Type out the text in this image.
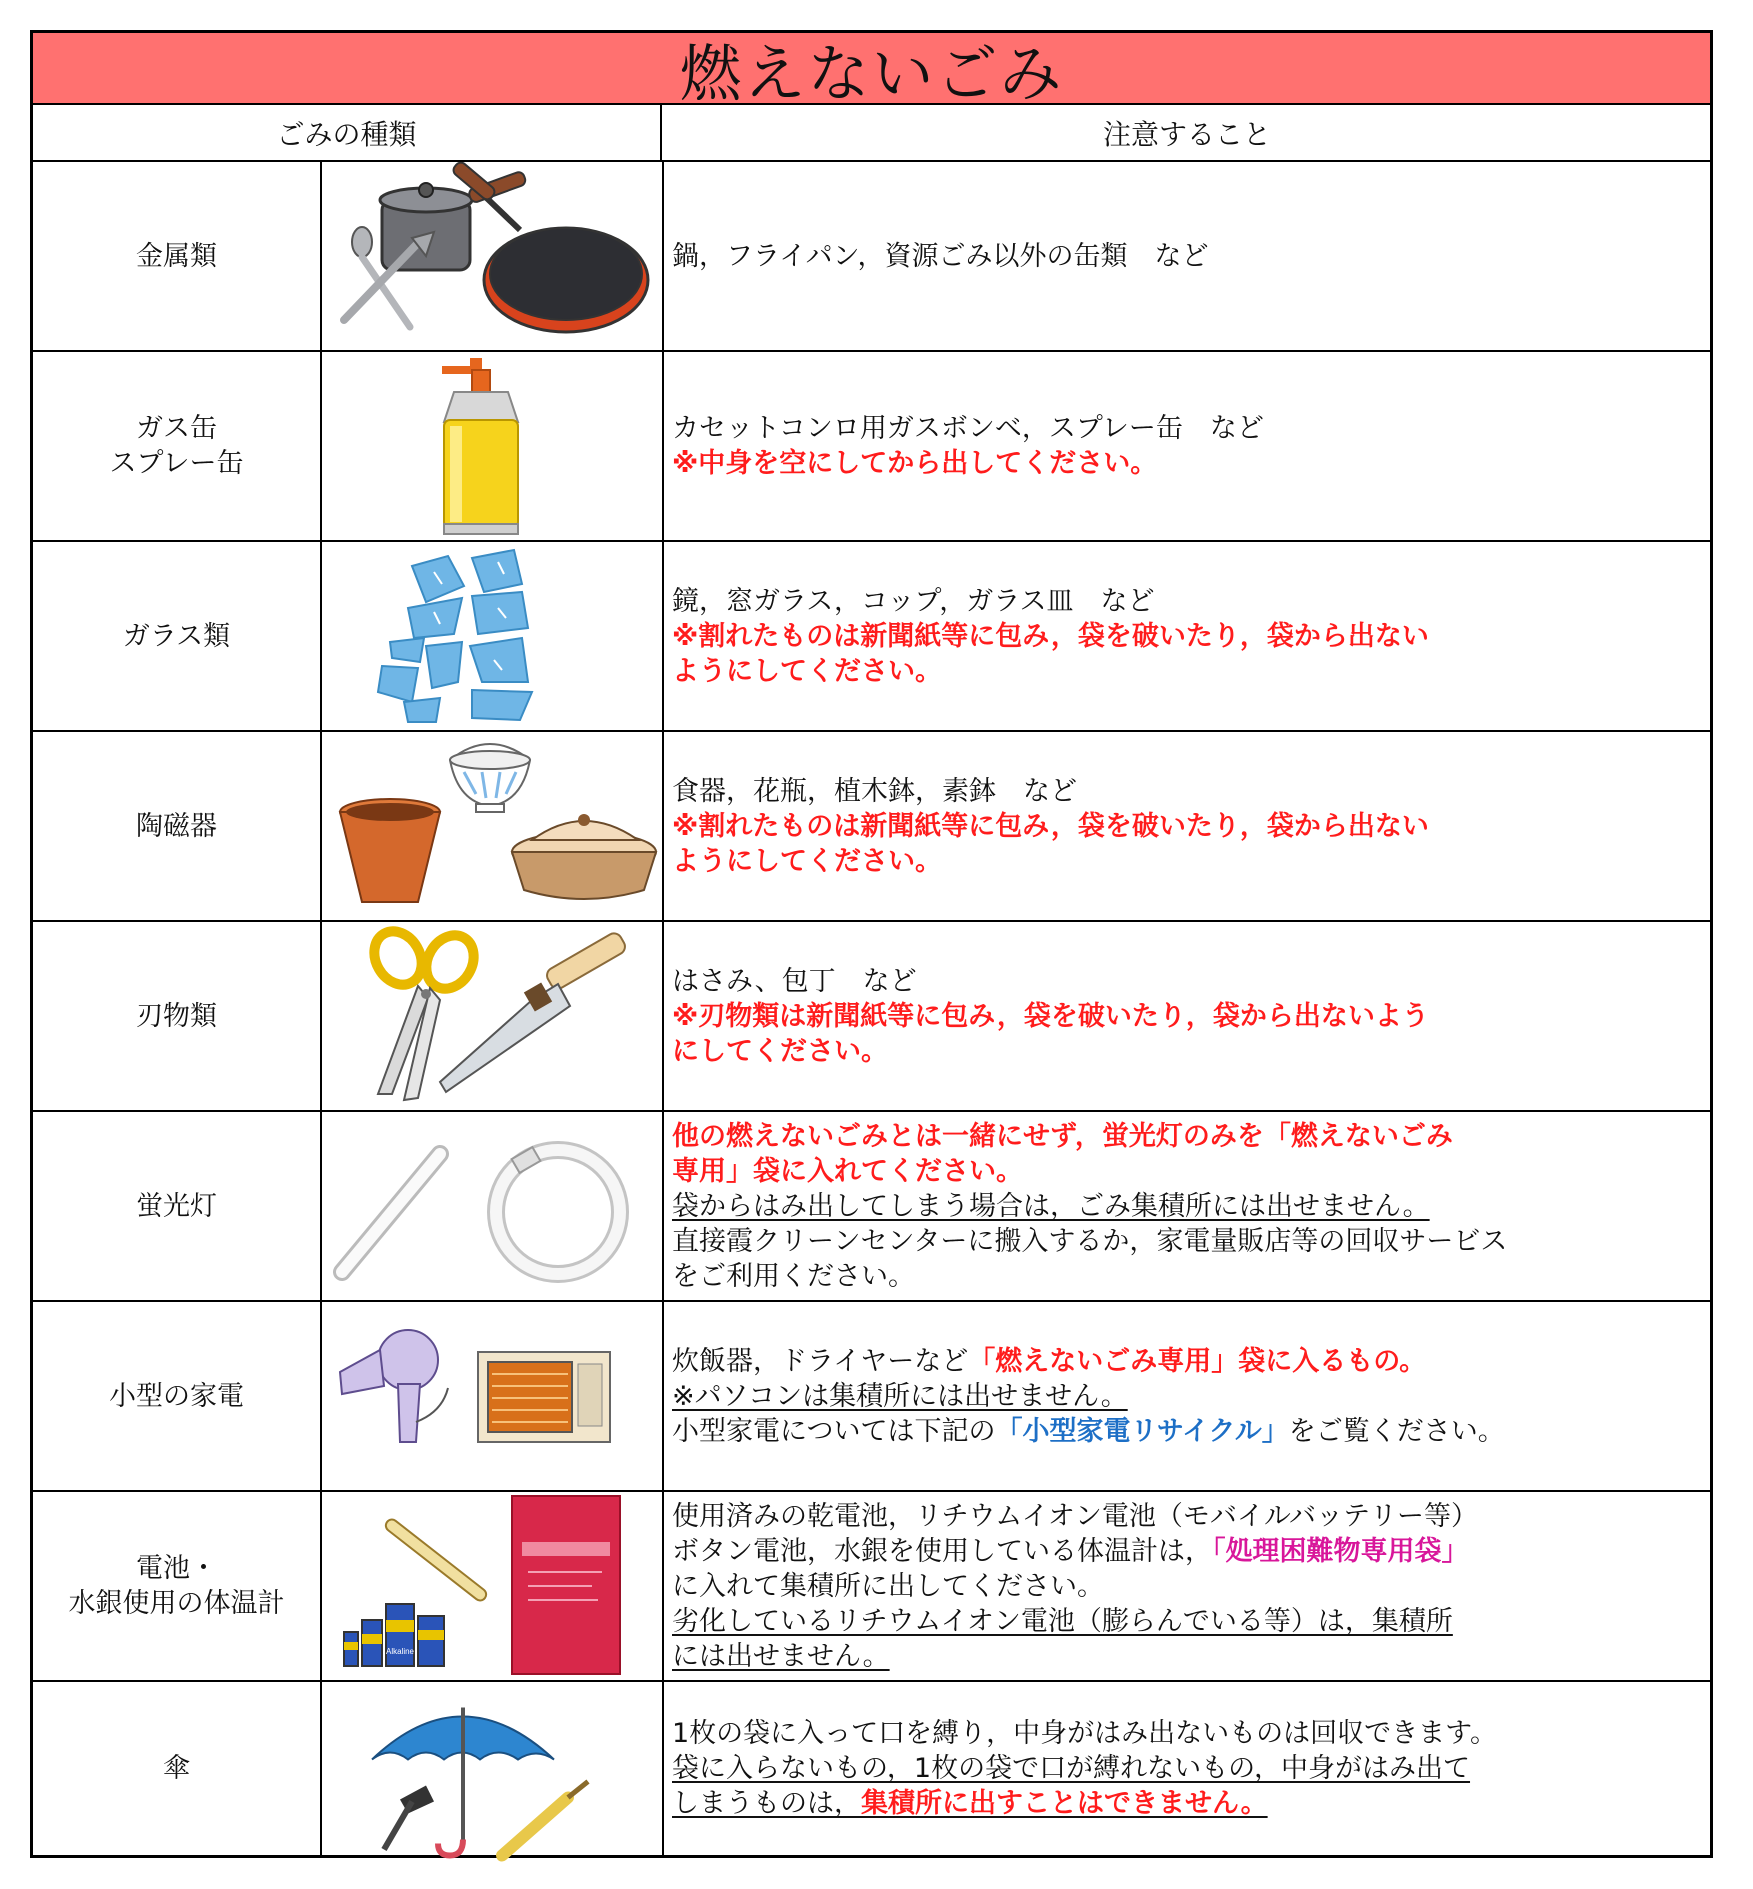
燃えないごみ
ごみの種類	注意すること
金属類	鍋，フライパン，資源ごみ以外の缶類　など
ガス缶
スプレー缶
カセットコンロ用ガスボンベ，スプレー缶　など
※中身を空にしてから出してください。
ガラス類
鏡，窓ガラス，コップ，ガラス皿　など
※割れたものは新聞紙等に包み，袋を破いたり，袋から出ない
ようにしてください。
陶磁器
食器，花瓶，植木鉢，素鉢　など
※割れたものは新聞紙等に包み，袋を破いたり，袋から出ない
ようにしてください。
刃物類
はさみ、包丁　など
※刃物類は新聞紙等に包み，袋を破いたり，袋から出ないよう
にしてください。
蛍光灯
他の燃えないごみとは一緒にせず，蛍光灯のみを「燃えないごみ
専用」袋に入れてください。
袋からはみ出してしまう場合は，ごみ集積所には出せません。
直接霞クリーンセンターに搬入するか，家電量販店等の回収サービス
をご利用ください。
小型の家電
炊飯器，ドライヤーなど「燃えないごみ専用」袋に入るもの。
※パソコンは集積所には出せません。
小型家電については下記の「小型家電リサイクル」をご覧ください。
電池・
水銀使用の体温計
Alkaline
使用済みの乾電池，リチウムイオン電池（モバイルバッテリー等）
ボタン電池，水銀を使用している体温計は，「処理困難物専用袋」
に入れて集積所に出してください。
劣化しているリチウムイオン電池（膨らんでいる等）は，集積所
には出せません。
傘
1枚の袋に入って口を縛り，中身がはみ出ないものは回収できます。
袋に入らないもの，1枚の袋で口が縛れないもの，中身がはみ出て
しまうものは，集積所に出すことはできません。
